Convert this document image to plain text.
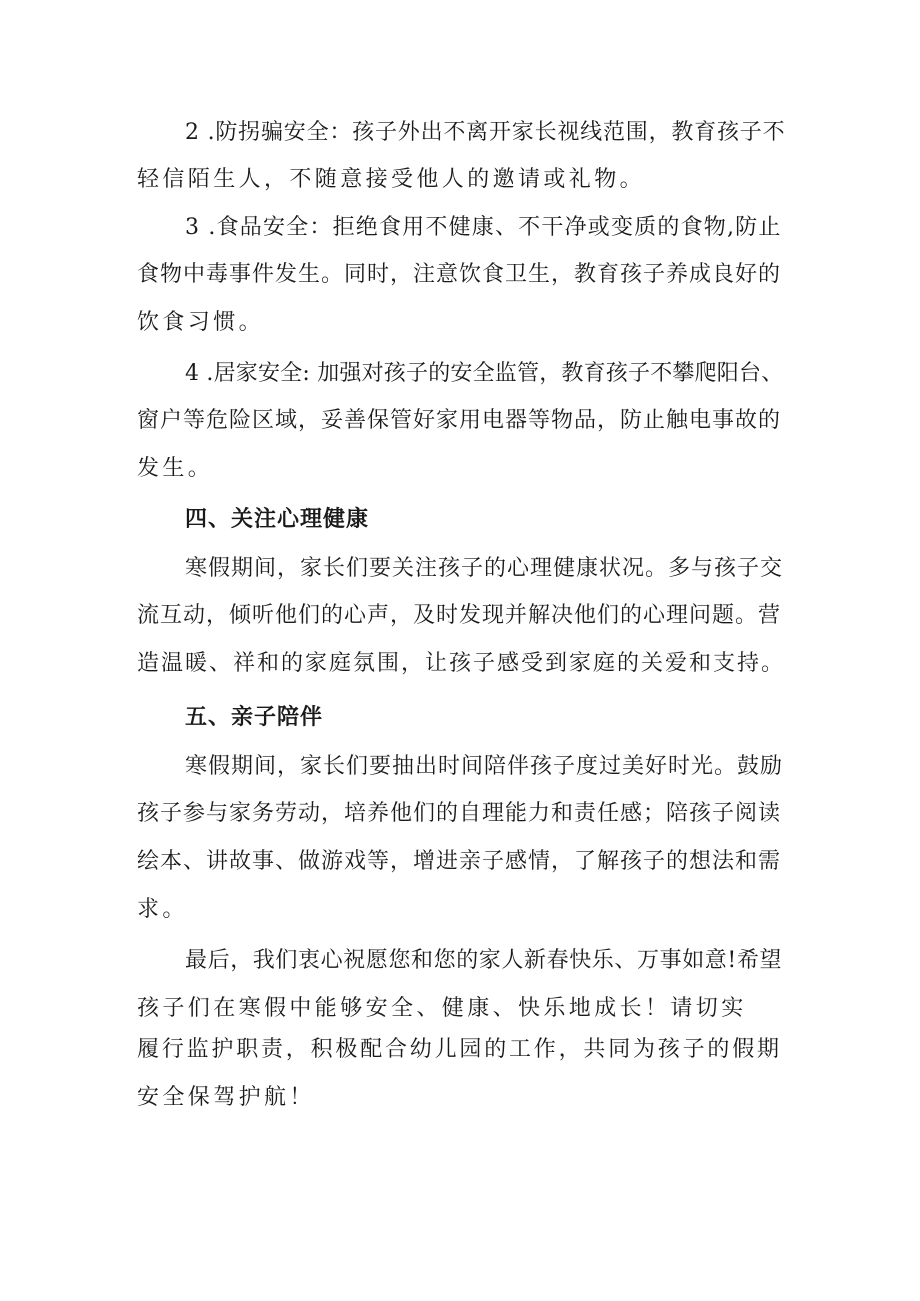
2 .防拐骗安全：孩子外出不离开家长视线范围，教育孩子不
轻信陌生人，不随意接受他人的邀请或礼物。
3 .食品安全：拒绝食用不健康、不干净或变质的食物,防止
食物中毒事件发生。同时，注意饮食卫生，教育孩子养成良好的
饮食习惯。
4 .居家安全: 加强对孩子的安全监管，教育孩子不攀爬阳台、
窗户等危险区域，妥善保管好家用电器等物品，防止触电事故的
发生。
四、关注心理健康
寒假期间，家长们要关注孩子的心理健康状况。多与孩子交
流互动，倾听他们的心声，及时发现并解决他们的心理问题。营
造温暖、祥和的家庭氛围，让孩子感受到家庭的关爱和支持。
五、亲子陪伴
寒假期间，家长们要抽出时间陪伴孩子度过美好时光。鼓励
孩子参与家务劳动，培养他们的自理能力和责任感；陪孩子阅读
绘本、讲故事、做游戏等，增进亲子感情，了解孩子的想法和需
求。
最后，我们衷心祝愿您和您的家人新春快乐、万事如意!希望
孩子们在寒假中能够安全、健康、快乐地成长！请切实
履行监护职责，积极配合幼儿园的工作，共同为孩子的假期
安全保驾护航！
